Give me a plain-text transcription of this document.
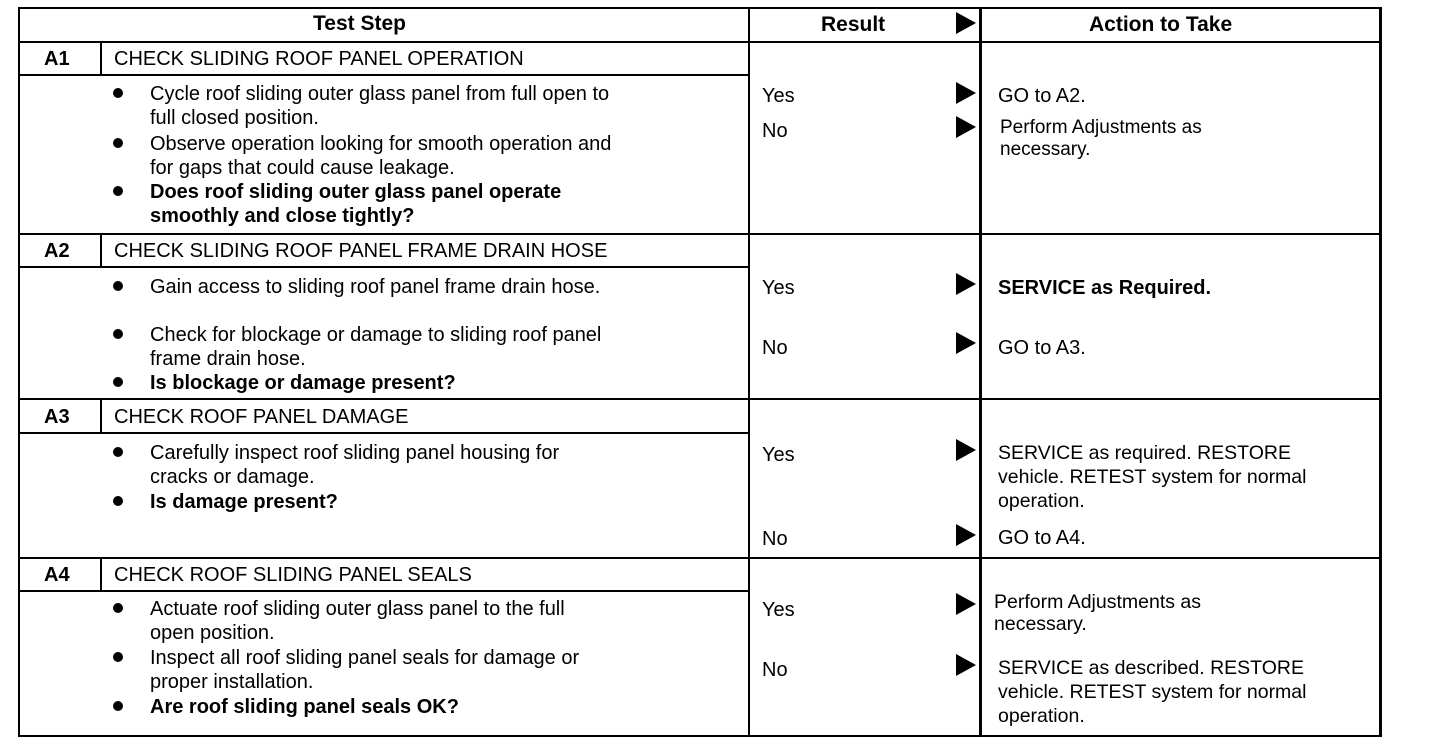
Test Step	Result	Action to Take
A1 CHECK SLIDING ROOF PANEL OPERATION
Cycle roof sliding outer glass panel from full open to
full closed position.
Observe operation looking for smooth operation and
for gaps that could cause leakage.
Does roof sliding outer glass panel operate
smoothly and close tightly?
Yes	GO to A2.
No	Perform Adjustments as
necessary.
A2 CHECK SLIDING ROOF PANEL FRAME DRAIN HOSE
Gain access to sliding roof panel frame drain hose.
Check for blockage or damage to sliding roof panel
frame drain hose.
Is blockage or damage present?
Yes	SERVICE as Required.
No	GO to A3.
A3 CHECK ROOF PANEL DAMAGE
Carefully inspect roof sliding panel housing for
cracks or damage.
Is damage present?
Yes	SERVICE as required. RESTORE
vehicle. RETEST system for normal
operation.
No	GO to A4.
A4 CHECK ROOF SLIDING PANEL SEALS
Actuate roof sliding outer glass panel to the full
open position.
Inspect all roof sliding panel seals for damage or
proper installation.
Are roof sliding panel seals OK?
Yes	Perform Adjustments as
necessary.
No	SERVICE as described. RESTORE
vehicle. RETEST system for normal
operation.
